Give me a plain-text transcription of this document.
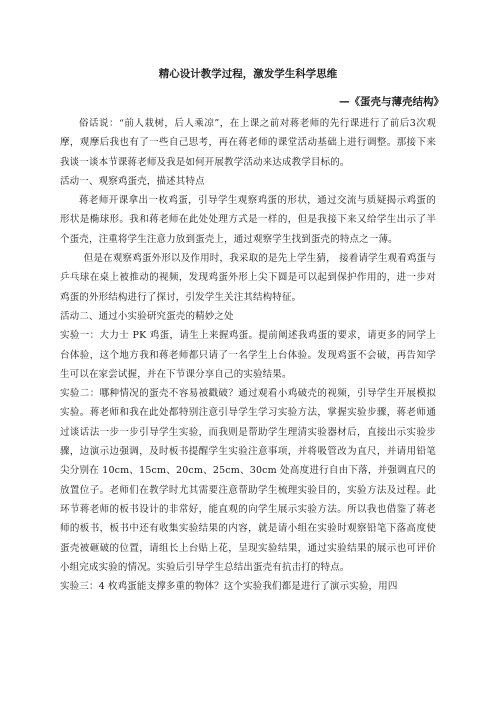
精心设计教学过程，激发学生科学思维
—《蛋壳与薄壳结构》

俗话说：“前人栽树，后人乘凉”，在上课之前对蒋老师的先行课进行了前后3次观摩，观摩后我也有了一些自己思考，再在蒋老师的课堂活动基础上进行调整。那接下来我谈一谈本节课蒋老师及我是如何开展教学活动来达成教学目标的。

活动一、观察鸡蛋壳，描述其特点

蒋老师开课拿出一枚鸡蛋，引导学生观察鸡蛋的形状，通过交流与质疑揭示鸡蛋的形状是椭球形。我和蒋老师在此处处理方式是一样的，但是我接下来又给学生出示了半个蛋壳，注重将学生注意力放到蛋壳上，通过观察学生找到蛋壳的特点之一薄。

但是在观察鸡蛋外形以及作用时，我采取的是先上学生猜， 接着请学生观看鸡蛋与乒乓球在桌上被推动的视频，发现鸡蛋外形上尖下圆是可以起到保护作用的，进一步对鸡蛋的外形结构进行了探讨，引发学生关注其结构特征。

活动二、通过小实验研究蛋壳的精妙之处

实验一：大力士 PK 鸡蛋，请生上来握鸡蛋。提前阐述我鸡蛋的要求，请更多的同学上台体验，这个地方我和蒋老师都只请了一名学生上台体验。发现鸡蛋不会破，再告知学生可以在家尝试握，并在下节课分享自己的实验结果。

实验二：哪种情况的蛋壳不容易被戳破？通过观看小鸡破壳的视频，引导学生开展模拟实验。蒋老师和我在此处都特别注意引导学生学习实验方法，掌握实验步骤，蒋老师通过谈话法一步一步引导学生实验，而我则是帮助学生理清实验器材后，直接出示实验步骤，边演示边强调，及时板书提醒学生实验注意事项，并将吸管改为直尺，并请用铅笔尖分别在 10cm、15cm、20cm、25cm、30cm 处高度进行自由下落，并强调直尺的放置位子。老师们在教学时尤其需要注意帮助学生梳理实验目的，实验方法及过程。此环节蒋老师的板书设计的非常好，能直观的向学生展示实验方法。所以我也借鉴了蒋老师的板书，板书中还有收集实验结果的内容，就是请小组在实验时观察铅笔下落高度使蛋壳被砸破的位置，请组长上台贴上花，呈现实验结果，通过实验结果的展示也可评价小组完成实验的情况。实验后引导学生总结出蛋壳有抗击打的特点。

实验三：4 枚鸡蛋能支撑多重的物体？这个实验我们都是进行了演示实验，用四
